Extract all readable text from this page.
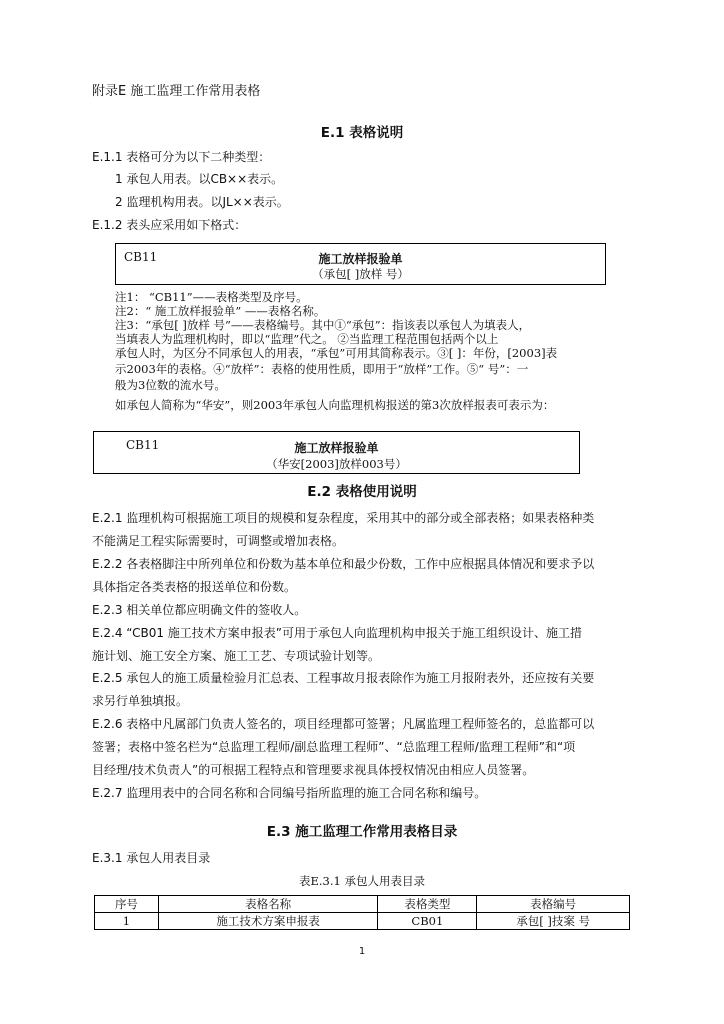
附录E 施工监理工作常用表格
E.1 表格说明
E.1.1 表格可分为以下二种类型：
1 承包人用表。以CB××表示。
2 监理机构用表。以JL××表示。
E.1.2 表头应采用如下格式：
CB11	施工放样报验单
（承包[ ]放样 号）
注1： “CB11”——表格类型及序号。
注2：“ 施工放样报验单” ——表格名称。
注3：“承包[ ]放样 号”——表格编号。其中①“承包”：指该表以承包人为填表人，
当填表人为监理机构时，即以“监理”代之。 ②当监理工程范围包括两个以上
承包人时，为区分不同承包人的用表，“承包”可用其简称表示。③[ ]：年份，[2003]表
示2003年的表格。④“放样”：表格的使用性质，即用于“放样”工作。⑤“ 号”：一
般为3位数的流水号。
如承包人简称为“华安”，则2003年承包人向监理机构报送的第3次放样报表可表示为：
CB11	施工放样报验单
（华安[2003]放样003号）
E.2 表格使用说明
E.2.1 监理机构可根据施工项目的规模和复杂程度，采用其中的部分或全部表格；如果表格种类
不能满足工程实际需要时，可调整或增加表格。
E.2.2 各表格脚注中所列单位和份数为基本单位和最少份数，工作中应根据具体情况和要求予以
具体指定各类表格的报送单位和份数。
E.2.3 相关单位都应明确文件的签收人。
E.2.4 “CB01 施工技术方案申报表”可用于承包人向监理机构申报关于施工组织设计、施工措
施计划、施工安全方案、施工工艺、专项试验计划等。
E.2.5 承包人的施工质量检验月汇总表、工程事故月报表除作为施工月报附表外，还应按有关要
求另行单独填报。
E.2.6 表格中凡属部门负责人签名的，项目经理都可签署；凡属监理工程师签名的，总监都可以
签署；表格中签名栏为“总监理工程师/副总监理工程师”、“总监理工程师/监理工程师”和“项
目经理/技术负责人”的可根据工程特点和管理要求视具体授权情况由相应人员签署。
E.2.7 监理用表中的合同名称和合同编号指所监理的施工合同名称和编号。
E.3 施工监理工作常用表格目录
E.3.1 承包人用表目录
表E.3.1 承包人用表目录
序号	表格名称	表格类型	表格编号
1	施工技术方案申报表	CB01	承包[ ]技案 号
1
